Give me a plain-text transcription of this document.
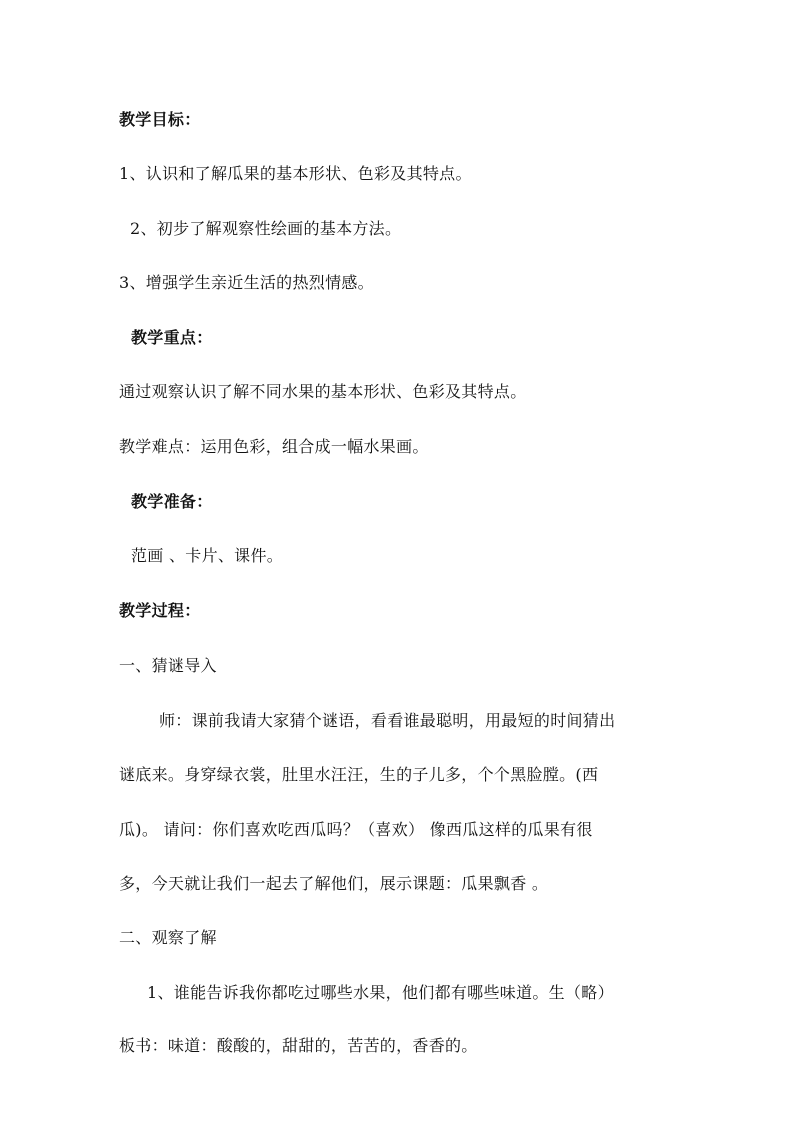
教学目标：
1、认识和了解瓜果的基本形状、色彩及其特点。
2、初步了解观察性绘画的基本方法。
3、增强学生亲近生活的热烈情感。
教学重点：
通过观察认识了解不同水果的基本形状、色彩及其特点。
教学难点：运用色彩，组合成一幅水果画。
教学准备：
范画 、卡片、课件。
教学过程：
一、猜谜导入
师：课前我请大家猜个谜语，看看谁最聪明，用最短的时间猜出
谜底来。身穿绿衣裳，肚里水汪汪，生的子儿多，个个黑脸膛。(西
瓜)。 请问：你们喜欢吃西瓜吗？（喜欢） 像西瓜这样的瓜果有很
多，今天就让我们一起去了解他们，展示课题：瓜果飘香 。
二、观察了解
1、谁能告诉我你都吃过哪些水果，他们都有哪些味道。生（略）
板书：味道：酸酸的，甜甜的，苦苦的，香香的。
